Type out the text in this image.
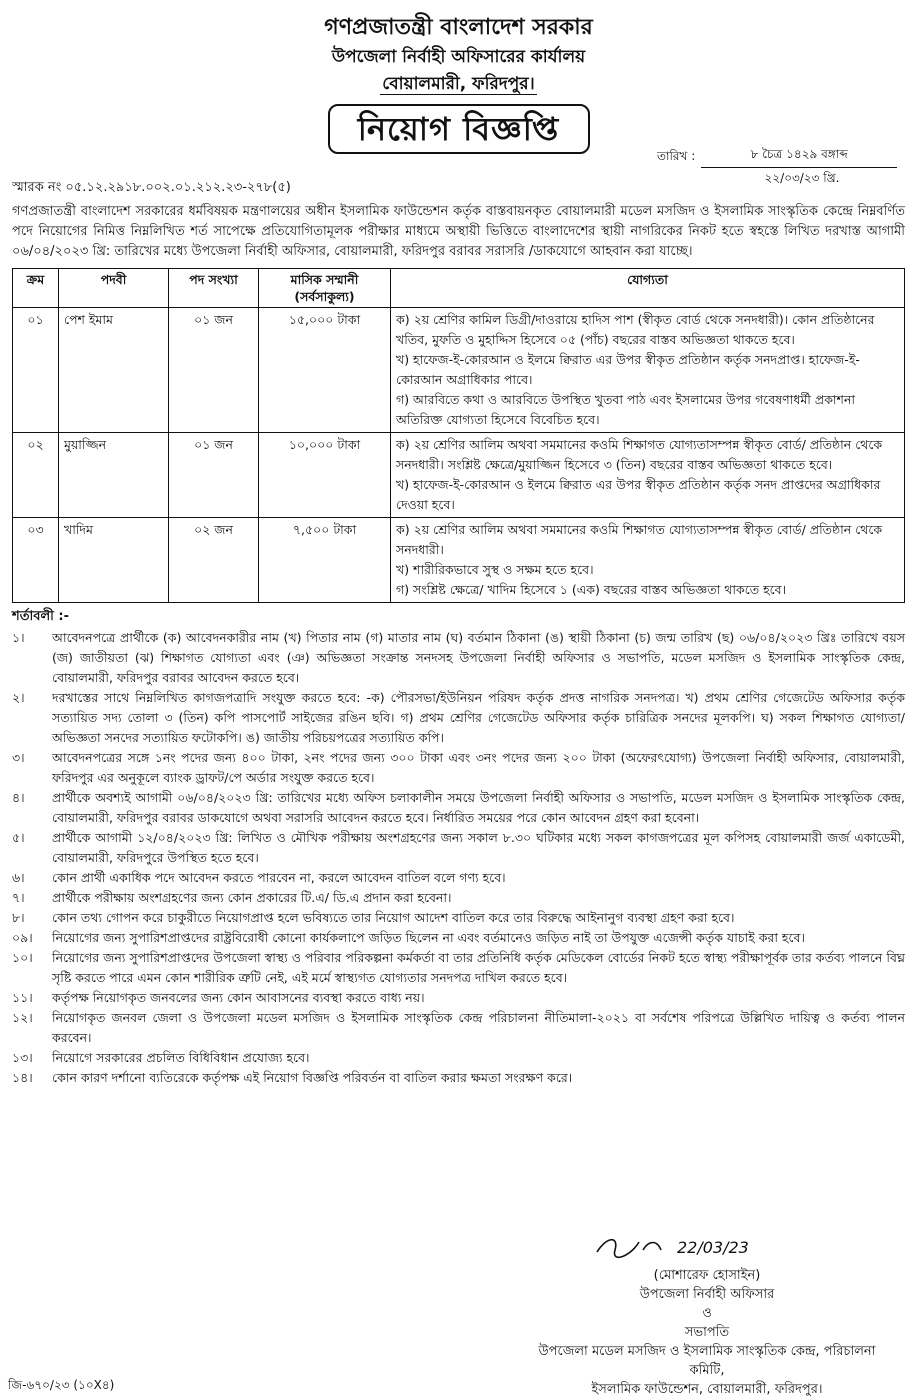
গণপ্রজাতন্ত্রী বাংলাদেশ সরকার
উপজেলা নির্বাহী অফিসারের কার্যালয়
বোয়ালমারী, ফরিদপুর।
নিয়োগ বিজ্ঞপ্তি
স্মারক নং ০৫.১২.২৯১৮.০০২.০১.২১২.২৩-২৭৮(৫)
তারিখ :	৮ চৈত্র ১৪২৯ বঙ্গাব্দ
২২/০৩/২৩ খ্রি.
গণপ্রজাতন্ত্রী বাংলাদেশ সরকারের ধর্মবিষয়ক মন্ত্রণালয়ের অধীন ইসলামিক ফাউন্ডেশন কর্তৃক বাস্তবায়নকৃত বোয়ালমারী মডেল মসজিদ ও ইসলামিক সাংস্কৃতিক কেন্দ্রে নিম্নবর্ণিত পদে নিয়োগের নিমিত্ত নিম্নলিখিত শর্ত সাপেক্ষে প্রতিযোগিতামূলক পরীক্ষার মাধ্যমে অস্থায়ী ভিত্তিতে বাংলাদেশের স্থায়ী নাগরিকের নিকট হতে স্বহস্তে লিখিত দরখাস্ত আগামী ০৬/০৪/২০২৩ খ্রি: তারিখের মধ্যে উপজেলা নির্বাহী অফিসার, বোয়ালমারী, ফরিদপুর বরাবর সরাসরি /ডাকযোগে আহবান করা যাচ্ছে।
ক্রম	পদবী	পদ সংখ্যা	মাসিক সম্মানী (সর্বসাকুল্য)	যোগ্যতা
০১	পেশ ইমাম	০১ জন	১৫,০০০ টাকা	ক) ২য় শ্রেণির কামিল ডিগ্রী/দাওরায়ে হাদিস পাশ (স্বীকৃত বোর্ড থেকে সনদধারী)। কোন প্রতিষ্ঠানের খতিব, মুফতি ও মুহাদ্দিস হিসেবে ০৫ (পাঁচ) বছরের বাস্তব অভিজ্ঞতা থাকতে হবে।

খ) হাফেজ-ই-কোরআন ও ইলমে ক্বিরাত এর উপর স্বীকৃত প্রতিষ্ঠান কর্তৃক সনদপ্রাপ্ত। হাফেজ-ই-কোরআন অগ্রাধিকার পাবে।

গ) আরবিতে কথা ও আরবিতে উপস্থিত খুতবা পাঠ এবং ইসলামের উপর গবেষণাধর্মী প্রকাশনা অতিরিক্ত যোগ্যতা হিসেবে বিবেচিত হবে।

০২	মুয়াজ্জিন	০১ জন	১০,০০০ টাকা	ক) ২য় শ্রেণির আলিম অথবা সমমানের কওমি শিক্ষাগত যোগ্যতাসম্পন্ন স্বীকৃত বোর্ড/ প্রতিষ্ঠান থেকে সনদধারী। সংশ্লিষ্ট ক্ষেত্রে/মুয়াজ্জিন হিসেবে ৩ (তিন) বছরের বাস্তব অভিজ্ঞতা থাকতে হবে।

খ) হাফেজ-ই-কোরআন ও ইলমে ক্বিরাত এর উপর স্বীকৃত প্রতিষ্ঠান কর্তৃক সনদ প্রাপ্তদের অগ্রাধিকার দেওয়া হবে।

০৩	খাদিম	০২ জন	৭,৫০০ টাকা	ক) ২য় শ্রেণির আলিম অথবা সমমানের কওমি শিক্ষাগত যোগ্যতাসম্পন্ন স্বীকৃত বোর্ড/ প্রতিষ্ঠান থেকে সনদধারী।

খ) শারীরিকভাবে সুস্থ ও সক্ষম হতে হবে।

গ) সংশ্লিষ্ট ক্ষেত্রে/ খাদিম হিসেবে ১ (এক) বছরের বাস্তব অভিজ্ঞতা থাকতে হবে।

শর্তাবলী :-
১।	আবেদনপত্রে প্রার্থীকে (ক) আবেদনকারীর নাম (খ) পিতার নাম (গ) মাতার নাম (ঘ) বর্তমান ঠিকানা (ঙ) স্থায়ী ঠিকানা (চ) জন্ম তারিখ (ছ) ০৬/০৪/২০২৩ খ্রিঃ তারিখে বয়স (জ) জাতীয়তা (ঝ) শিক্ষাগত যোগ্যতা এবং (ঞ) অভিজ্ঞতা সংক্রান্ত সনদসহ উপজেলা নির্বাহী অফিসার ও সভাপতি, মডেল মসজিদ ও ইসলামিক সাংস্কৃতিক কেন্দ্র, বোয়ালমারী, ফরিদপুর বরাবর আবেদন করতে হবে।
২।	দরখাস্তের সাথে নিম্নলিখিত কাগজপত্রাদি সংযুক্ত করতে হবে: -ক) পৌরসভা/ইউনিয়ন পরিষদ কর্তৃক প্রদত্ত নাগরিক সনদপত্র। খ) প্রথম শ্রেণির গেজেটেড অফিসার কর্তৃক সত্যায়িত সদ্য তোলা ৩ (তিন) কপি পাসপোর্ট সাইজের রঙিন ছবি। গ) প্রথম শ্রেণির গেজেটেড অফিসার কর্তৃক চারিত্রিক সনদের মূলকপি। ঘ) সকল শিক্ষাগত যোগ্যতা/অভিজ্ঞতা সনদের সত্যায়িত ফটোকপি। ঙ) জাতীয় পরিচয়পত্রের সত্যায়িত কপি।
৩।	আবেদনপত্রের সঙ্গে ১নং পদের জন্য ৪০০ টাকা, ২নং পদের জন্য ৩০০ টাকা এবং ৩নং পদের জন্য ২০০ টাকা (অফেরৎযোগ্য) উপজেলা নির্বাহী অফিসার, বোয়ালমারী, ফরিদপুর এর অনুকূলে ব্যাংক ড্রাফট/পে অর্ডার সংযুক্ত করতে হবে।
৪।	প্রার্থীকে অবশ্যই আগামী ০৬/০৪/২০২৩ খ্রি: তারিখের মধ্যে অফিস চলাকালীন সময়ে উপজেলা নির্বাহী অফিসার ও সভাপতি, মডেল মসজিদ ও ইসলামিক সাংস্কৃতিক কেন্দ্র, বোয়ালমারী, ফরিদপুর বরাবর ডাকযোগে অথবা সরাসরি আবেদন করতে হবে। নির্ধারিত সময়ের পরে কোন আবেদন গ্রহণ করা হবেনা।
৫।	প্রার্থীকে আগামী ১২/০৪/২০২৩ খ্রি: লিখিত ও মৌখিক পরীক্ষায় অংশগ্রহণের জন্য সকাল ৮.৩০ ঘটিকার মধ্যে সকল কাগজপত্রের মূল কপিসহ বোয়ালমারী জর্জ একাডেমী, বোয়ালমারী, ফরিদপুরে উপস্থিত হতে হবে।
৬।	কোন প্রার্থী একাধিক পদে আবেদন করতে পারবেন না, করলে আবেদন বাতিল বলে গণ্য হবে।
৭।	প্রার্থীকে পরীক্ষায় অংশগ্রহণের জন্য কোন প্রকারের টি.এ/ ডি.এ প্রদান করা হবেনা।
৮।	কোন তথ্য গোপন করে চাকুরীতে নিয়োগপ্রাপ্ত হলে ভবিষ্যতে তার নিয়োগ আদেশ বাতিল করে তার বিরুদ্ধে আইনানুগ ব্যবস্থা গ্রহণ করা হবে।
০৯।	নিয়োগের জন্য সুপারিশপ্রাপ্তদের রাষ্ট্রবিরোধী কোনো কার্যকলাপে জড়িত ছিলেন না এবং বর্তমানেও জড়িত নাই তা উপযুক্ত এজেন্সী কর্তৃক যাচাই করা হবে।
১০।	নিয়োগের জন্য সুপারিশপ্রাপ্তদের উপজেলা স্বাস্থ্য ও পরিবার পরিকল্পনা কর্মকর্তা বা তার প্রতিনিধি কর্তৃক মেডিকেল বোর্ডের নিকট হতে স্বাস্থ্য পরীক্ষাপূর্বক তার কর্তব্য পালনে বিঘ্ন সৃষ্টি করতে পারে এমন কোন শারীরিক ত্রুটি নেই, এই মর্মে স্বাস্থ্যগত যোগ্যতার সনদপত্র দাখিল করতে হবে।
১১।	কর্তৃপক্ষ নিয়োগকৃত জনবলের জন্য কোন আবাসনের ব্যবস্থা করতে বাধ্য নয়।
১২।	নিয়োগকৃত জনবল জেলা ও উপজেলা মডেল মসজিদ ও ইসলামিক সাংস্কৃতিক কেন্দ্র পরিচালনা নীতিমালা-২০২১ বা সর্বশেষ পরিপত্রে উল্লিখিত দায়িত্ব ও কর্তব্য পালন করবেন।
১৩।	নিয়োগে সরকারের প্রচলিত বিধিবিধান প্রযোজ্য হবে।
১৪।	কোন কারণ দর্শানো ব্যতিরেকে কর্তৃপক্ষ এই নিয়োগ বিজ্ঞপ্তি পরিবর্তন বা বাতিল করার ক্ষমতা সংরক্ষণ করে।
22/03/23
(মোশারেফ হোসাইন)
উপজেলা নির্বাহী অফিসার
ও
সভাপতি
উপজেলা মডেল মসজিদ ও ইসলামিক সাংস্কৃতিক কেন্দ্র, পরিচালনা কমিটি,
ইসলামিক ফাউন্ডেশন, বোয়ালমারী, ফরিদপুর।
জি-৬৭০/২৩ (১০X৪)
